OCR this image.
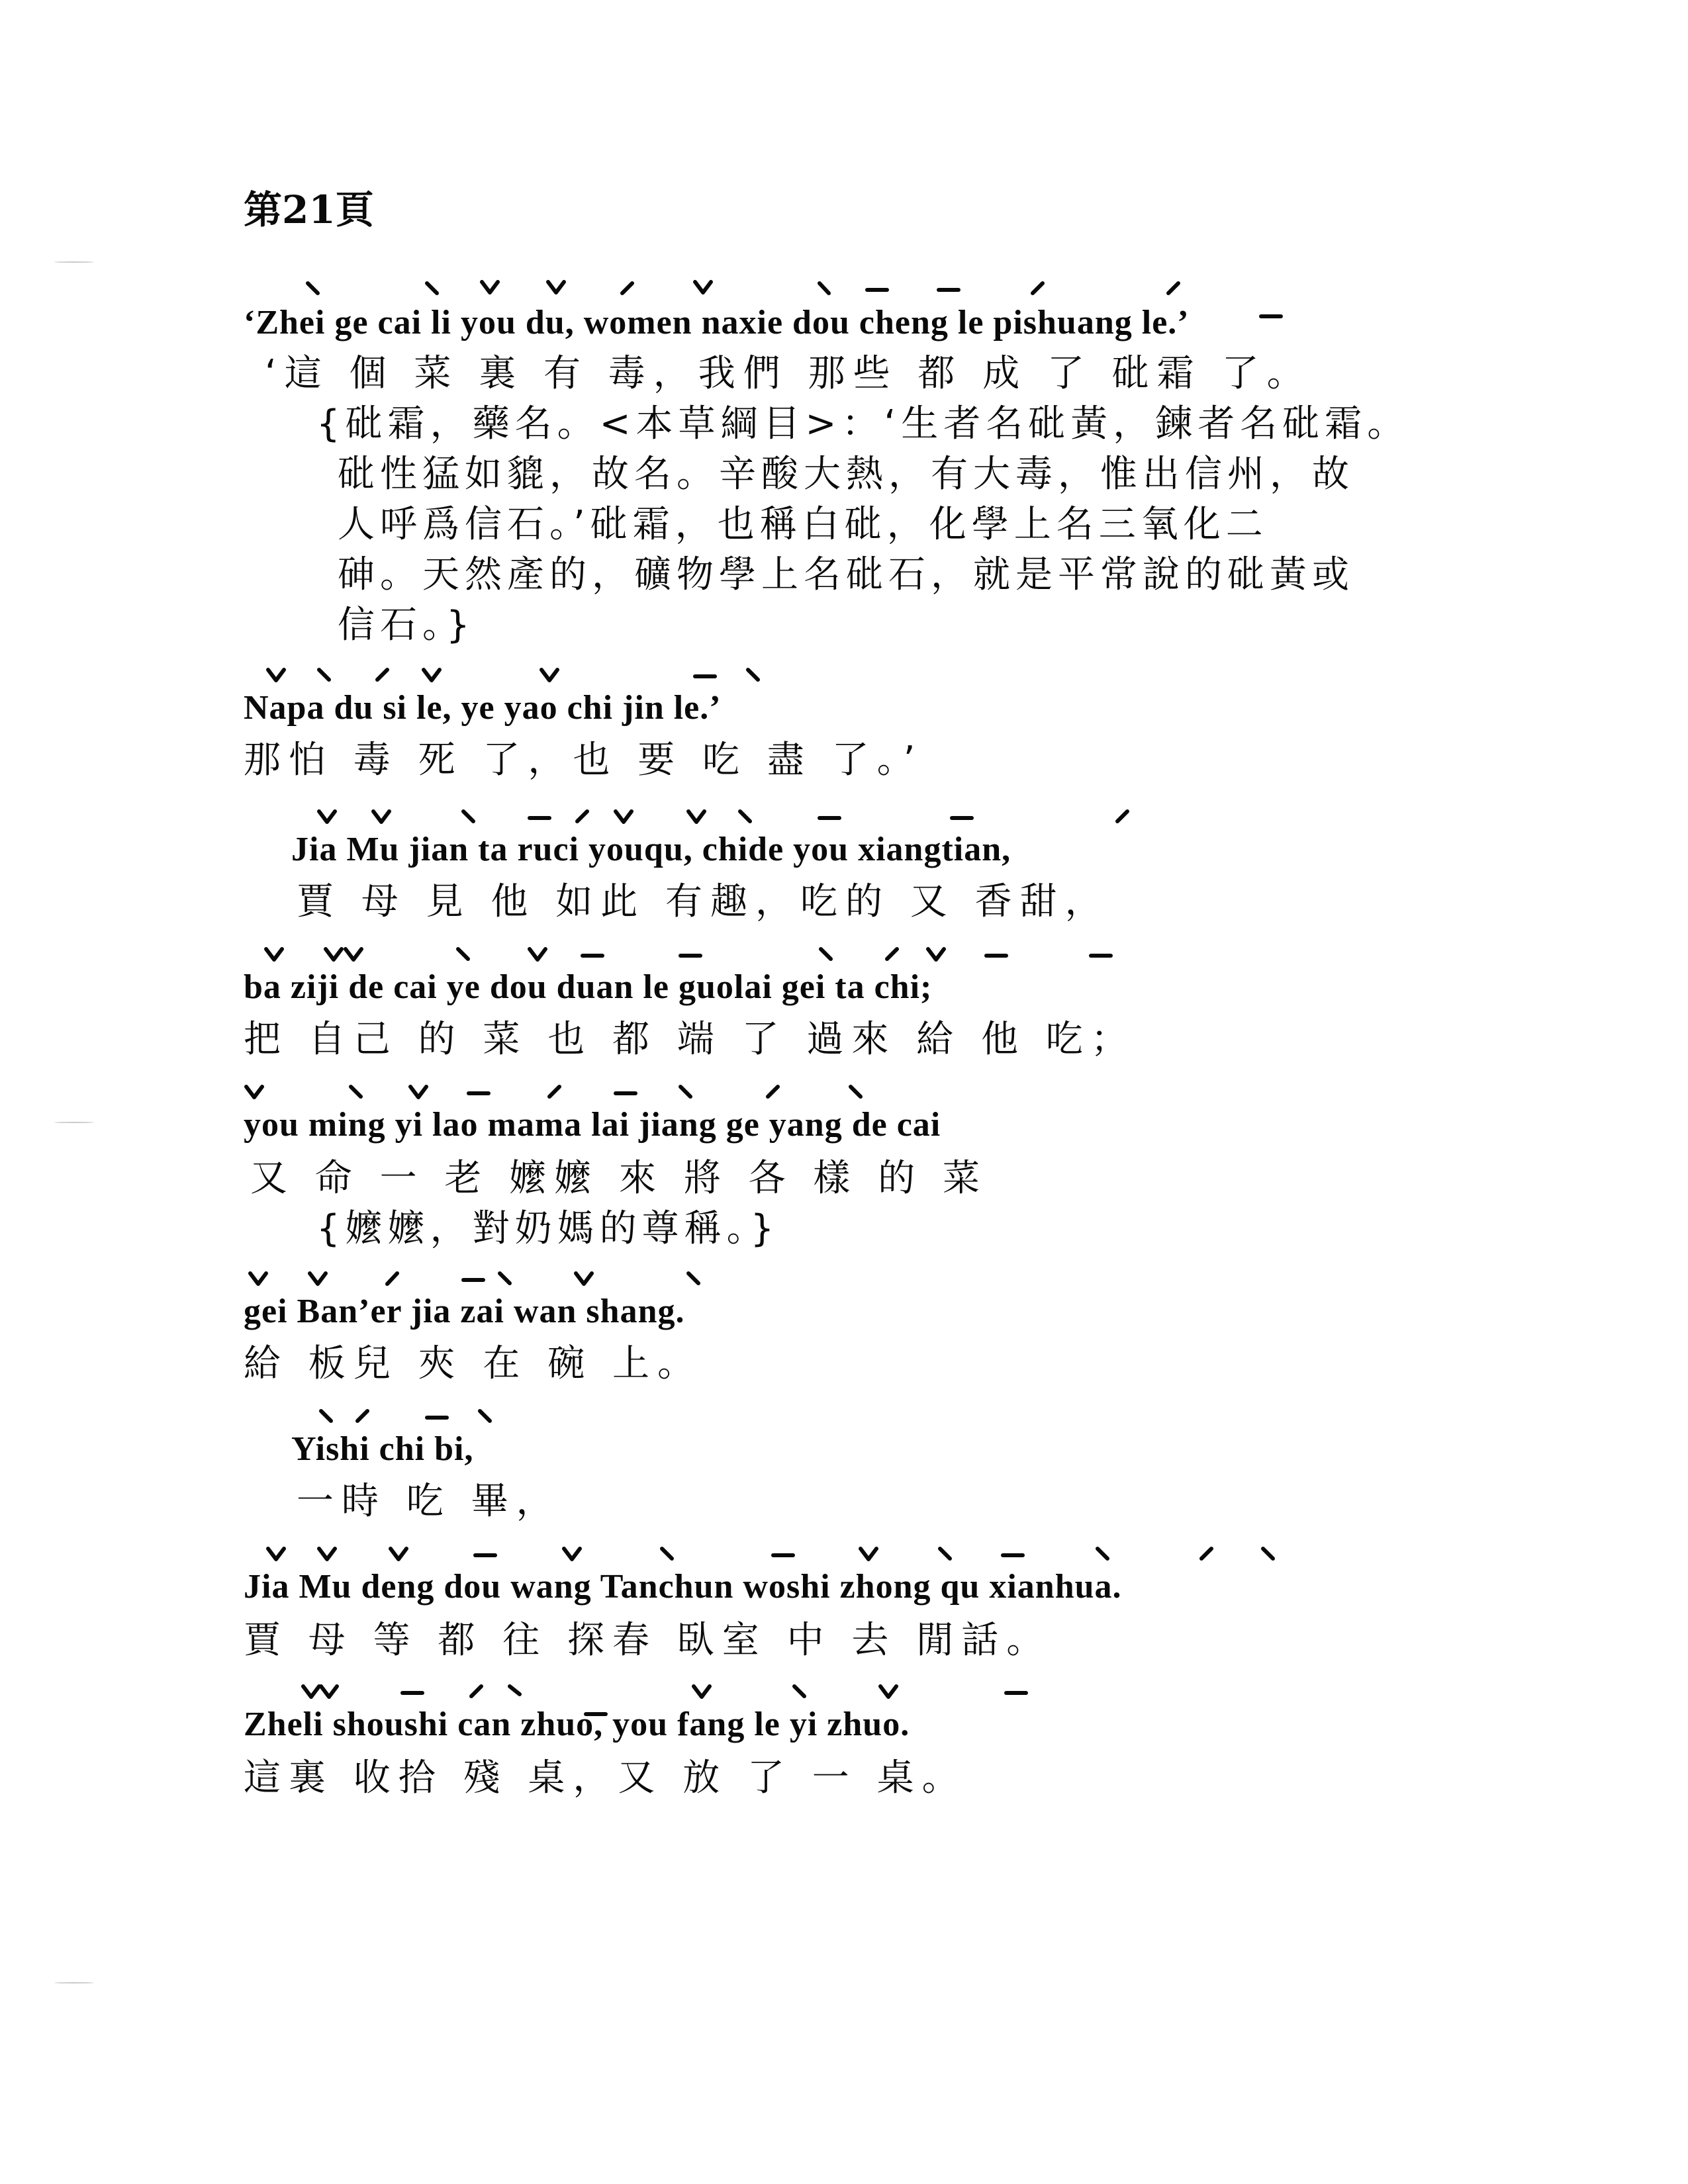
第21頁
‘Zhei ge cai li you du, women naxie dou cheng le pishuang le.’
‘這 個 菜 裏 有 毒，我們 那些 都 成 了 砒霜 了。
{砒霜，藥名。<本草綱目>：‘生者名砒黃，鍊者名砒霜。
砒性猛如貔，故名。辛酸大熱，有大毒，惟出信州，故
人呼爲信石。’砒霜，也稱白砒，化學上名三氧化二
砷。天然產的，礦物學上名砒石，就是平常說的砒黃或
信石。}
Napa du si le, ye yao chi jin le.’
那怕 毒 死 了，也 要 吃 盡 了。’
Jia Mu jian ta ruci youqu, chide you xiangtian,
賈 母 見 他 如此 有趣，吃的 又 香甜，
ba ziji de cai ye dou duan le guolai gei ta chi;
把 自己 的 菜 也 都 端 了 過來 給 他 吃；
you ming yi lao mama lai jiang ge yang de cai
又 命 一 老 嬤嬤 來 將 各 樣 的 菜
{嬤嬤，對奶媽的尊稱。}
gei Ban’er jia zai wan shang.
給 板兒 夾 在 碗 上。
Yishi chi bi,
一時 吃 畢，
Jia Mu deng dou wang Tanchun woshi zhong qu xianhua.
賈 母 等 都 往 探春 臥室 中 去 閒話。
Zheli shoushi can zhuo, you fang le yi zhuo.
這裏 收拾 殘 桌，又 放 了 一 桌。
